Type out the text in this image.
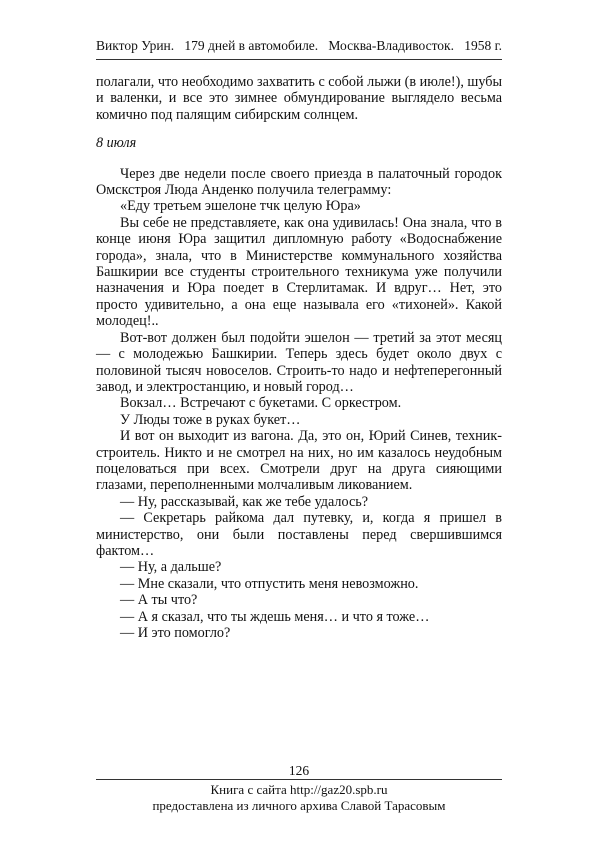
Виктор Урин. 179 дней в автомобиле. Москва-Владивосток. 1958 г.

полагали, что необходимо захватить с собой лыжи (в июле!), шубы и валенки, и все это зимнее обмундирование выглядело весьма комично под палящим сибирским солнцем.

8 июля

Через две недели после своего приезда в палаточный городок Омскстроя Люда Анденко получила телеграмму:

«Еду третьем эшелоне тчк целую Юра»

Вы себе не представляете, как она удивилась! Она знала, что в конце июня Юра защитил дипломную работу «Водоснабжение города», знала, что в Министерстве коммунального хозяйства Башкирии все студенты строительного техникума уже получили назначения и Юра поедет в Стерлитамак. И вдруг… Нет, это просто удивительно, а она еще называла его «тихоней». Какой молодец!..

Вот-вот должен был подойти эшелон — третий за этот месяц — с молодежью Башкирии. Теперь здесь будет около двух с половиной тысяч новоселов. Строить-то надо и нефтеперегонный завод, и электростанцию, и новый город…

Вокзал… Встречают с букетами. С оркестром.

У Люды тоже в руках букет…

И вот он выходит из вагона. Да, это он, Юрий Синев, техник-строитель. Никто и не смотрел на них, но им казалось неудобным поцеловаться при всех. Смотрели друг на друга сияющими глазами, переполненными молчаливым ликованием.

— Ну, рассказывай, как же тебе удалось?

— Секретарь райкома дал путевку, и, когда я пришел в министерство, они были поставлены перед свершившимся фактом…

— Ну, а дальше?

— Мне сказали, что отпустить меня невозможно.

— А ты что?

— А я сказал, что ты ждешь меня… и что я тоже…

— И это помогло?

126
Книга с сайта http://gaz20.spb.ru
предоставлена из личного архива Славой Тарасовым
